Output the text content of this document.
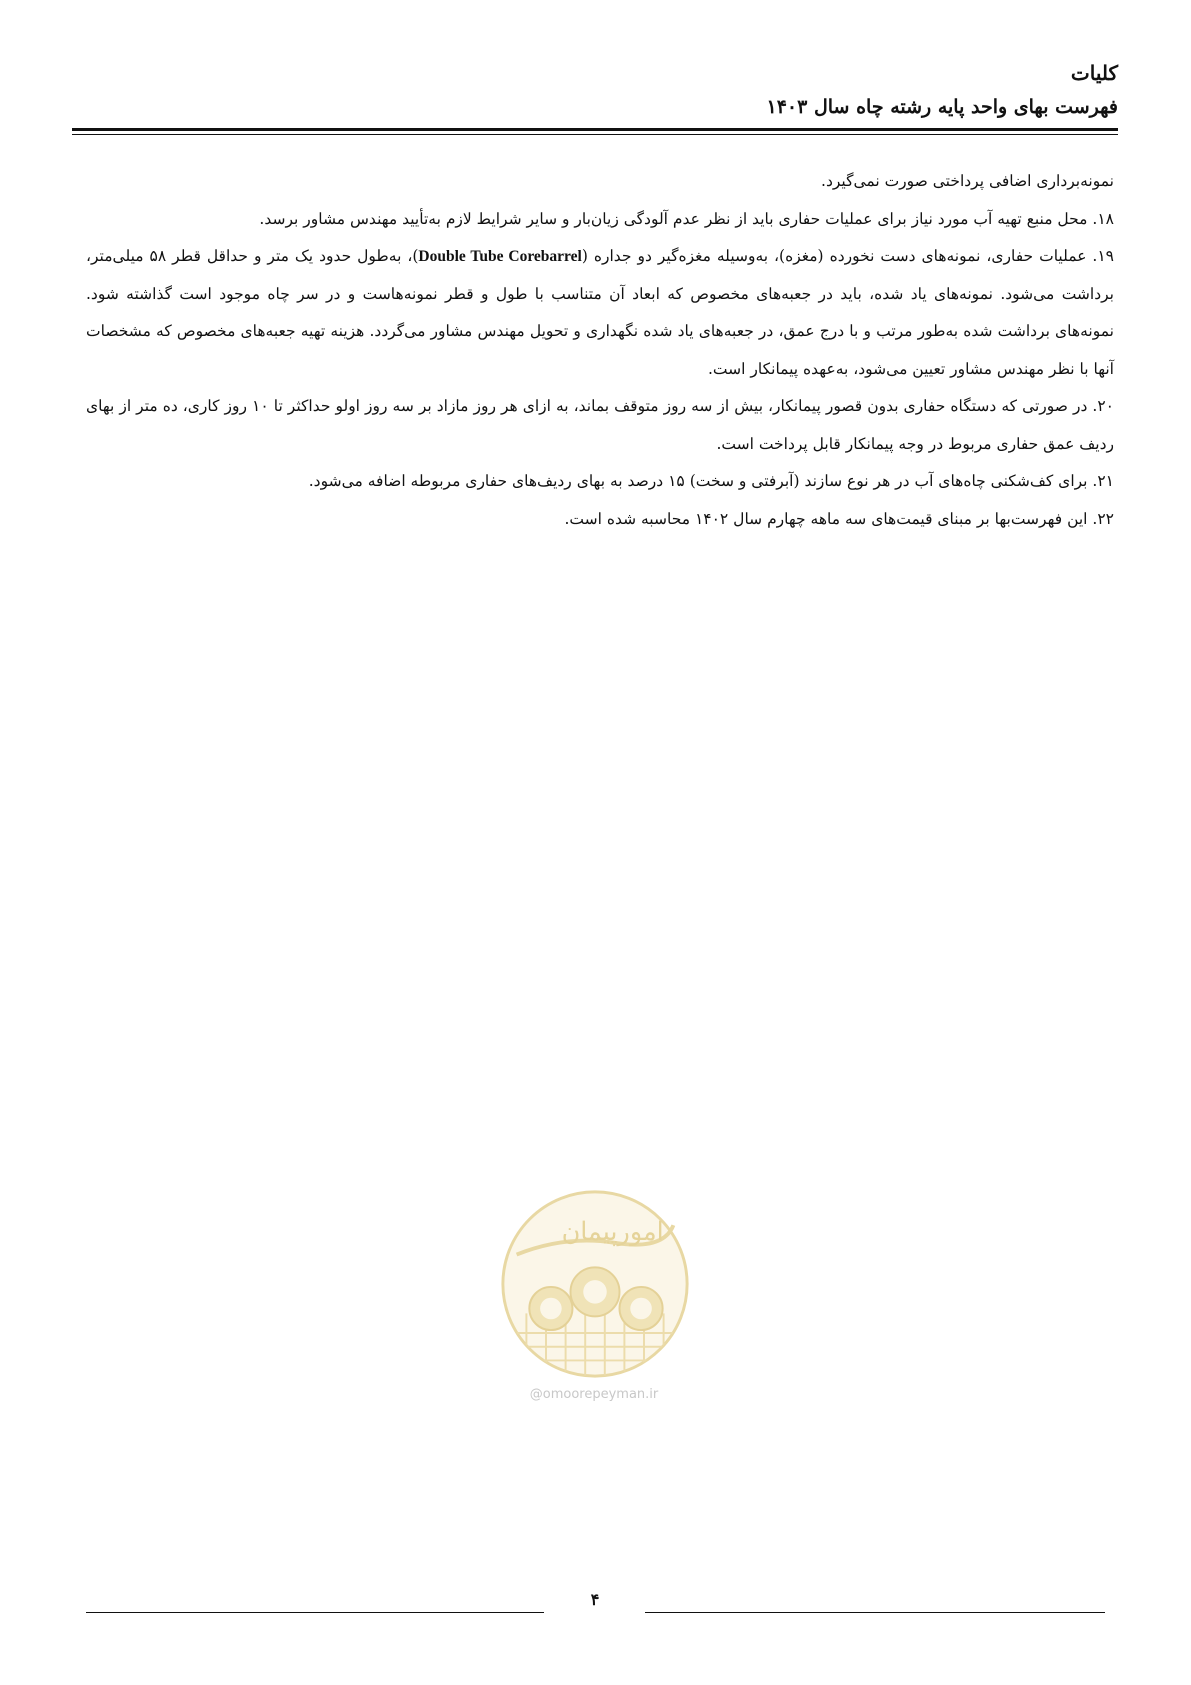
کلیات
فهرست بهای واحد پایه رشته چاه سال ۱۴۰۳

نمونه‌برداری اضافی پرداختی صورت نمی‌گیرد.

۱۸. محل منبع تهیه آب مورد نیاز برای عملیات حفاری باید از نظر عدم آلودگی زیان‌بار و سایر شرایط لازم به‌تأیید مهندس مشاور برسد.

۱۹. عملیات حفاری، نمونه‌های دست نخورده (مغزه)، به‌وسیله مغزه‌گیر دو جداره (Double Tube Corebarrel)، به‌طول حدود یک متر و حداقل قطر ۵۸ میلی‌متر، برداشت می‌شود. نمونه‌های یاد شده، باید در جعبه‌های مخصوص که ابعاد آن متناسب با طول و قطر نمونه‌هاست و در سر چاه موجود است گذاشته شود. نمونه‌های برداشت شده به‌طور مرتب و با درج عمق، در جعبه‌های یاد شده نگهداری و تحویل مهندس مشاور می‌گردد. هزینه تهیه جعبه‌های مخصوص که مشخصات آنها با نظر مهندس مشاور تعیین می‌شود، به‌عهده پیمانکار است.

۲۰. در صورتی که دستگاه حفاری بدون قصور پیمانکار، بیش از سه روز متوقف بماند، به ازای هر روز مازاد بر سه روز اولو حداکثر تا ۱۰ روز کاری، ده متر از بهای ردیف عمق حفاری مربوط در وجه پیمانکار قابل پرداخت است.

۲۱. برای کف‌شکنی چاه‌های آب در هر نوع سازند (آبرفتی و سخت) ۱۵ درصد به بهای ردیف‌های حفاری مربوطه اضافه می‌شود.

۲۲. این فهرست‌بها بر مبنای قیمت‌های سه ماهه چهارم سال ۱۴۰۲ محاسبه شده است.

امورپیمان
@omoorepeyman.ir
۴
